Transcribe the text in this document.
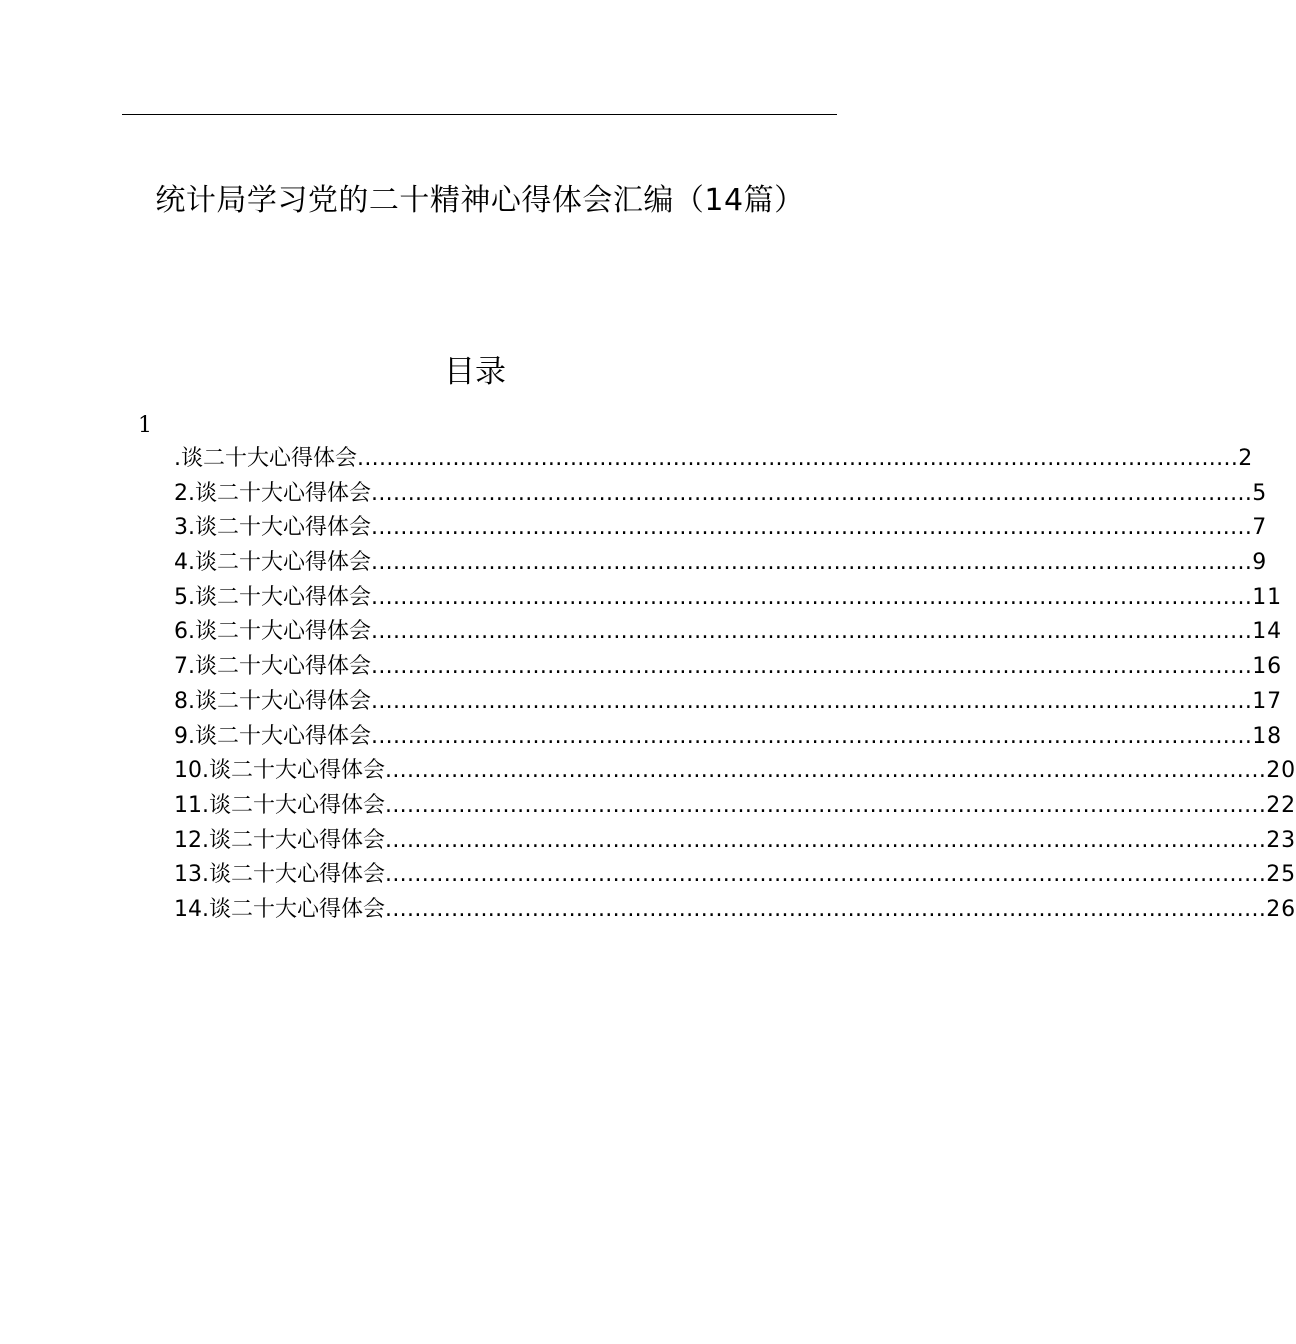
统计局学习党的二十精神心得体会汇编（14篇）
目录
1
.谈二十大心得体会 ........................................................................................................................ 2
2.谈二十大心得体会 ........................................................................................................................ 5
3.谈二十大心得体会 ........................................................................................................................ 7
4.谈二十大心得体会 ........................................................................................................................ 9
5.谈二十大心得体会 ........................................................................................................................ 11
6.谈二十大心得体会 ........................................................................................................................ 14
7.谈二十大心得体会 ........................................................................................................................ 16
8.谈二十大心得体会 ........................................................................................................................ 17
9.谈二十大心得体会 ........................................................................................................................ 18
10.谈二十大心得体会 ........................................................................................................................ 20
11.谈二十大心得体会 ........................................................................................................................ 22
12.谈二十大心得体会 ........................................................................................................................ 23
13.谈二十大心得体会 ........................................................................................................................ 25
14.谈二十大心得体会 ........................................................................................................................ 26
